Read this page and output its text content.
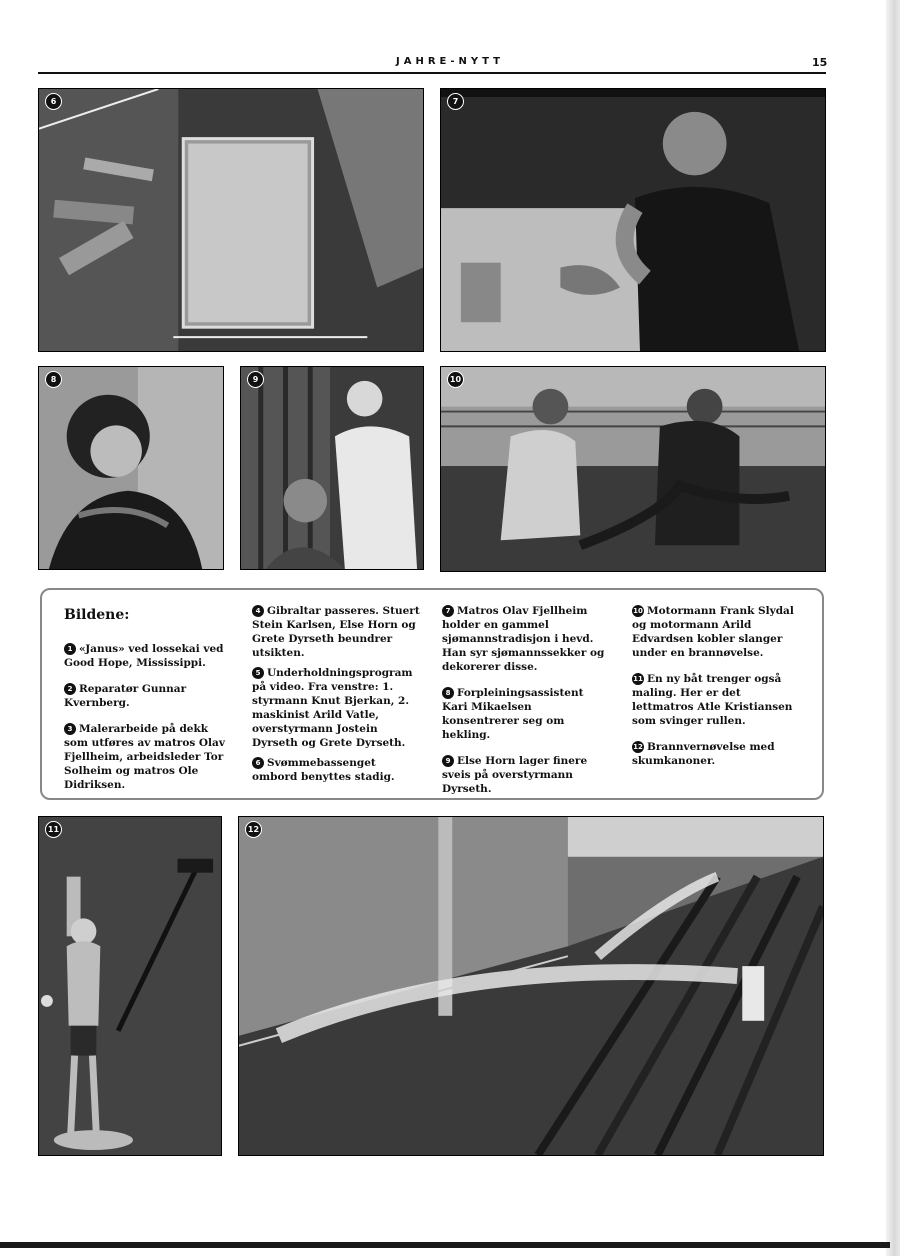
JAHRE-NYTT	15
6	7
8	9	10

Bildene:

1 «Janus» ved lossekai ved Good Hope, Mississippi.

2 Reparatør Gunnar Kvernberg.

3 Malerarbeide på dekk som utføres av matros Olav Fjellheim, arbeidsleder Tor Solheim og matros Ole Didriksen.

4 Gibraltar passeres. Stuert Stein Karlsen, Else Horn og Grete Dyrseth beundrer utsikten.

5 Underholdningsprogram på video. Fra venstre: 1. styrmann Knut Bjerkan, 2. maskinist Arild Vatle, overstyrmann Jostein Dyrseth og Grete Dyrseth.

6 Svømmebassenget ombord benyttes stadig.

7 Matros Olav Fjellheim holder en gammel sjømannstradisjon i hevd. Han syr sjømannssekker og dekorerer disse.

8 Forpleiningsassistent Kari Mikaelsen konsentrerer seg om hekling.

9 Else Horn lager finere sveis på overstyrmann Dyrseth.

10 Motormann Frank Slydal og motormann Arild Edvardsen kobler slanger under en brannøvelse.

11 En ny båt trenger også maling. Her er det lettmatros Atle Kristiansen som svinger rullen.

12 Brannvernøvelse med skumkanoner.

11	12
